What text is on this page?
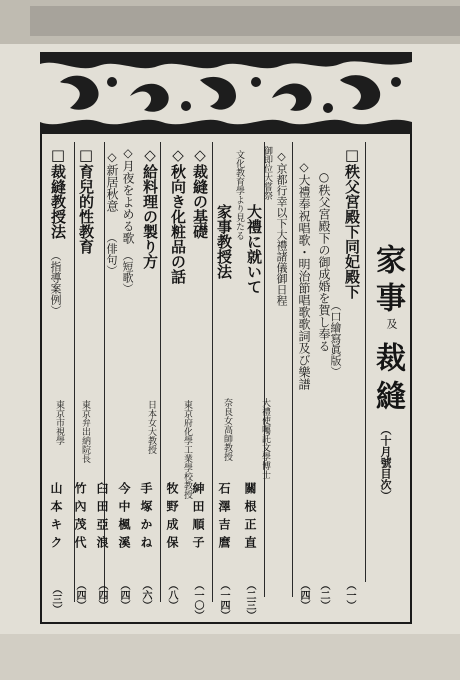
家事
及
裁縫
（十月號目次）
□秩父宮殿下同妃殿下
（口繪寫眞版）
（一）
○秩父宮殿下の御成婚を賀し奉る
（二）
◇大禮奉祝唱歌・明治節唱歌歌詞及び樂譜
（四）
◇京都行幸以下大禮諸儀御日程
御即位大嘗祭
大禮に就いて
大禮使囑託文學博士
關根正直
（二三）
文化教育學より見たる
家事教授法
奈良女高師教授
石澤吉麿
（一四）
◇裁縫の基礎
紳田順子
（一〇）
◇秋向き化粧品の話
東京府化學工業學校教授
牧野成保
（八）
◇給料理の製り方
日本女大教授
手塚かね
（六）
◇月夜をよめる歌
（短歌）
今中楓溪
（四）
◇新居秋意
（俳句）
臼田亞浪
（四）
□育兒的性教育
東京弁出納院長
竹內茂代
（四）
□裁縫教授法
（指導案例）
東京市視學
山本キク
（三）
